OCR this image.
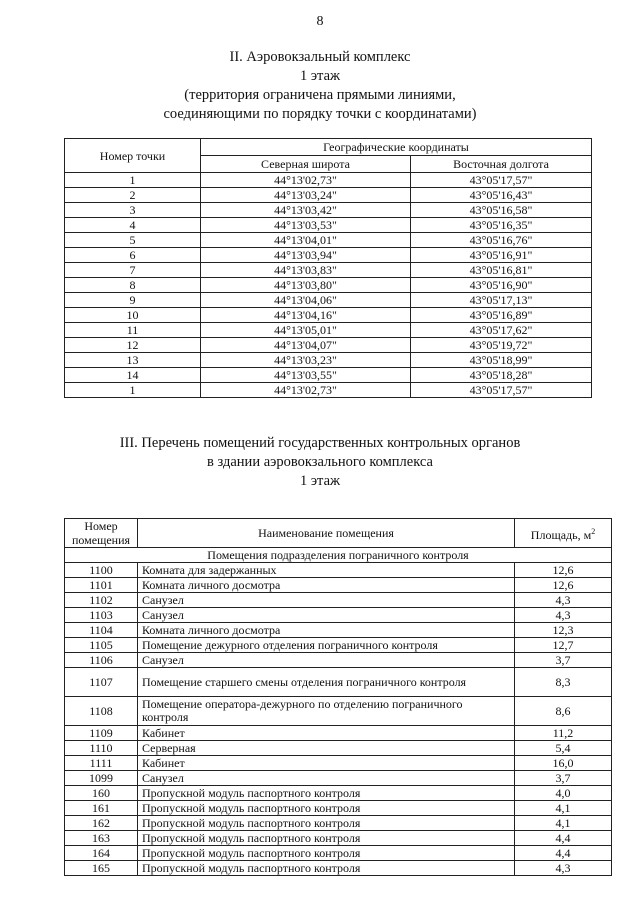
8
II. Аэровокзальный комплекс
1 этаж
(территория ограничена прямыми линиями,
соединяющими по порядку точки с координатами)
Номер точки	Географические координаты	
	Северная широта	Восточная долгота
1	44°13'02,73"	43°05'17,57"
2	44°13'03,24"	43°05'16,43"
3	44°13'03,42"	43°05'16,58"
4	44°13'03,53"	43°05'16,35"
5	44°13'04,01"	43°05'16,76"
6	44°13'03,94"	43°05'16,91"
7	44°13'03,83"	43°05'16,81"
8	44°13'03,80"	43°05'16,90"
9	44°13'04,06"	43°05'17,13"
10	44°13'04,16"	43°05'16,89"
11	44°13'05,01"	43°05'17,62"
12	44°13'04,07"	43°05'19,72"
13	44°13'03,23"	43°05'18,99"
14	44°13'03,55"	43°05'18,28"
1	44°13'02,73"	43°05'17,57"
III. Перечень помещений государственных контрольных органов
в здании аэровокзального комплекса
1 этаж
Номер
помещения	Наименование помещения	Площадь, $м^2$
Помещения подразделения пограничного контроля		
1100	Комната для задержанных	12,6
1101	Комната личного досмотра	12,6
1102	Санузел	4,3
1103	Санузел	4,3
1104	Комната личного досмотра	12,3
1105	Помещение дежурного отделения пограничного контроля	12,7
1106	Санузел	3,7
1107	Помещение старшего смены отделения пограничного контроля	8,3
1108	Помещение оператора-дежурного по отделению пограничного контроля	8,6
1109	Кабинет	11,2
1110	Серверная	5,4
1111	Кабинет	16,0
1099	Санузел	3,7
160	Пропускной модуль паспортного контроля	4,0
161	Пропускной модуль паспортного контроля	4,1
162	Пропускной модуль паспортного контроля	4,1
163	Пропускной модуль паспортного контроля	4,4
164	Пропускной модуль паспортного контроля	4,4
165	Пропускной модуль паспортного контроля	4,3
